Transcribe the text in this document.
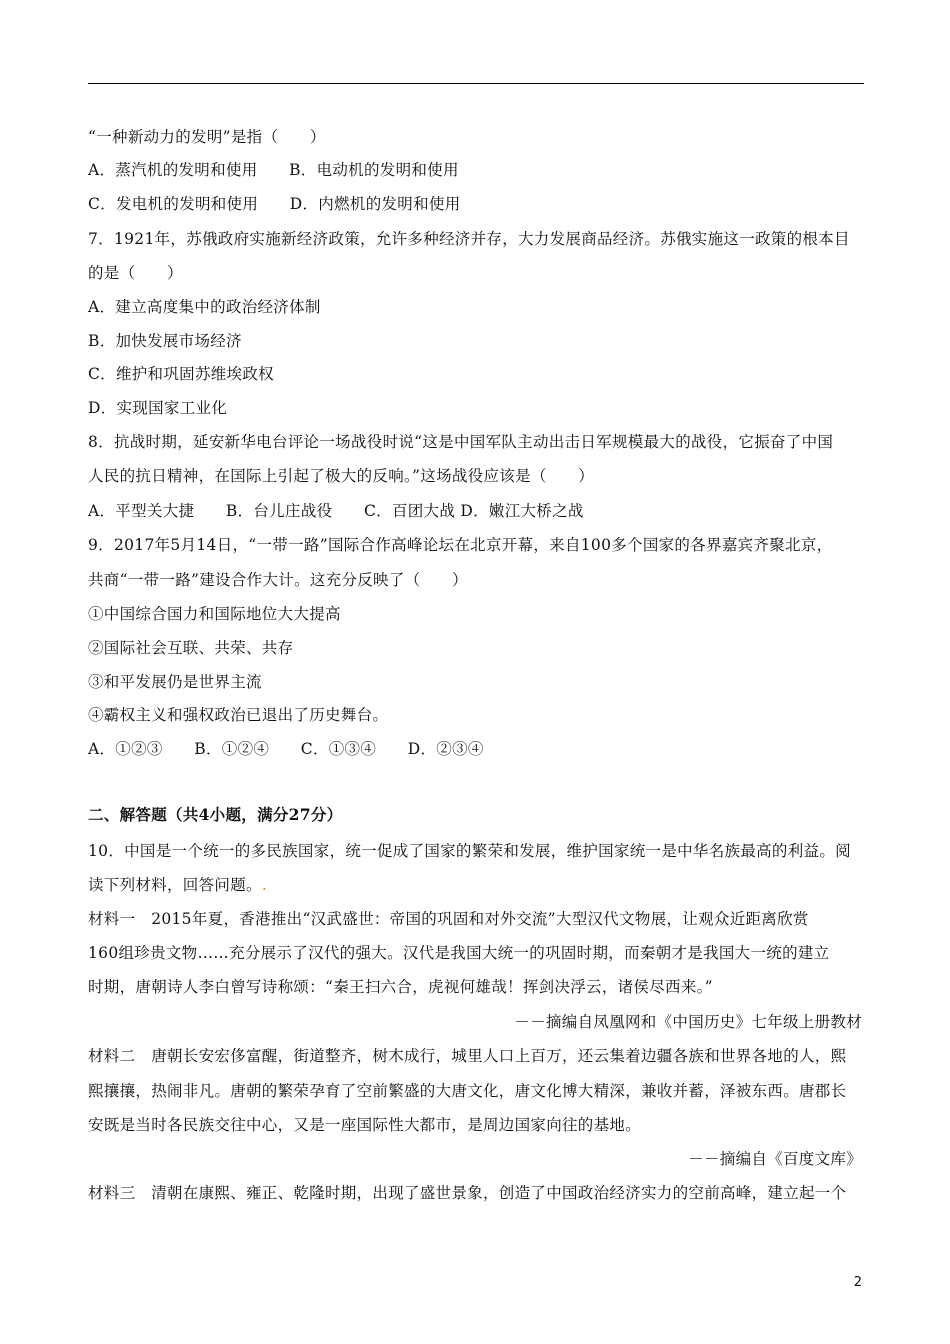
“一种新动力的发明”是指（　　）
A．蒸汽机的发明和使用　　B．电动机的发明和使用
C．发电机的发明和使用　　D．内燃机的发明和使用
7．1921年，苏俄政府实施新经济政策，允许多种经济并存，大力发展商品经济。苏俄实施这一政策的根本目
的是（　　）
A．建立高度集中的政治经济体制
B．加快发展市场经济
C．维护和巩固苏维埃政权
D．实现国家工业化
8．抗战时期，延安新华电台评论一场战役时说“这是中国军队主动出击日军规模最大的战役，它振奋了中国
人民的抗日精神，在国际上引起了极大的反响。”这场战役应该是（　　）
A．平型关大捷　　B．台儿庄战役　　C．百团大战 D．嫩江大桥之战
9．2017年5月14日，“一带一路”国际合作高峰论坛在北京开幕，来自100多个国家的各界嘉宾齐聚北京，
共商“一带一路”建设合作大计。这充分反映了（　　）
①中国综合国力和国际地位大大提高
②国际社会互联、共荣、共存
③和平发展仍是世界主流
④霸权主义和强权政治已退出了历史舞台。
A．①②③　　B．①②④　　C．①③④　　D．②③④
二、解答题（共4小题，满分27分）
10．中国是一个统一的多民族国家，统一促成了国家的繁荣和发展，维护国家统一是中华名族最高的利益。阅
读下列材料，回答问题。.
材料一　2015年夏，香港推出“汉武盛世：帝国的巩固和对外交流”大型汉代文物展，让观众近距离欣赏
160组珍贵文物……充分展示了汉代的强大。汉代是我国大统一的巩固时期，而秦朝才是我国大一统的建立
时期，唐朝诗人李白曾写诗称颂：“秦王扫六合，虎视何雄哉！挥剑决浮云，诸侯尽西来。”
－－摘编自凤凰网和《中国历史》七年级上册教材
材料二　唐朝长安宏侈富醒，街道整齐，树木成行，城里人口上百万，还云集着边疆各族和世界各地的人，熙
熙攘攘，热闹非凡。唐朝的繁荣孕育了空前繁盛的大唐文化，唐文化博大精深，兼收并蓄，泽被东西。唐郡长
安既是当时各民族交往中心，又是一座国际性大都市，是周边国家向往的基地。
－－摘编自《百度文库》
材料三　清朝在康熙、雍正、乾隆时期，出现了盛世景象，创造了中国政治经济实力的空前高峰，建立起一个
2
